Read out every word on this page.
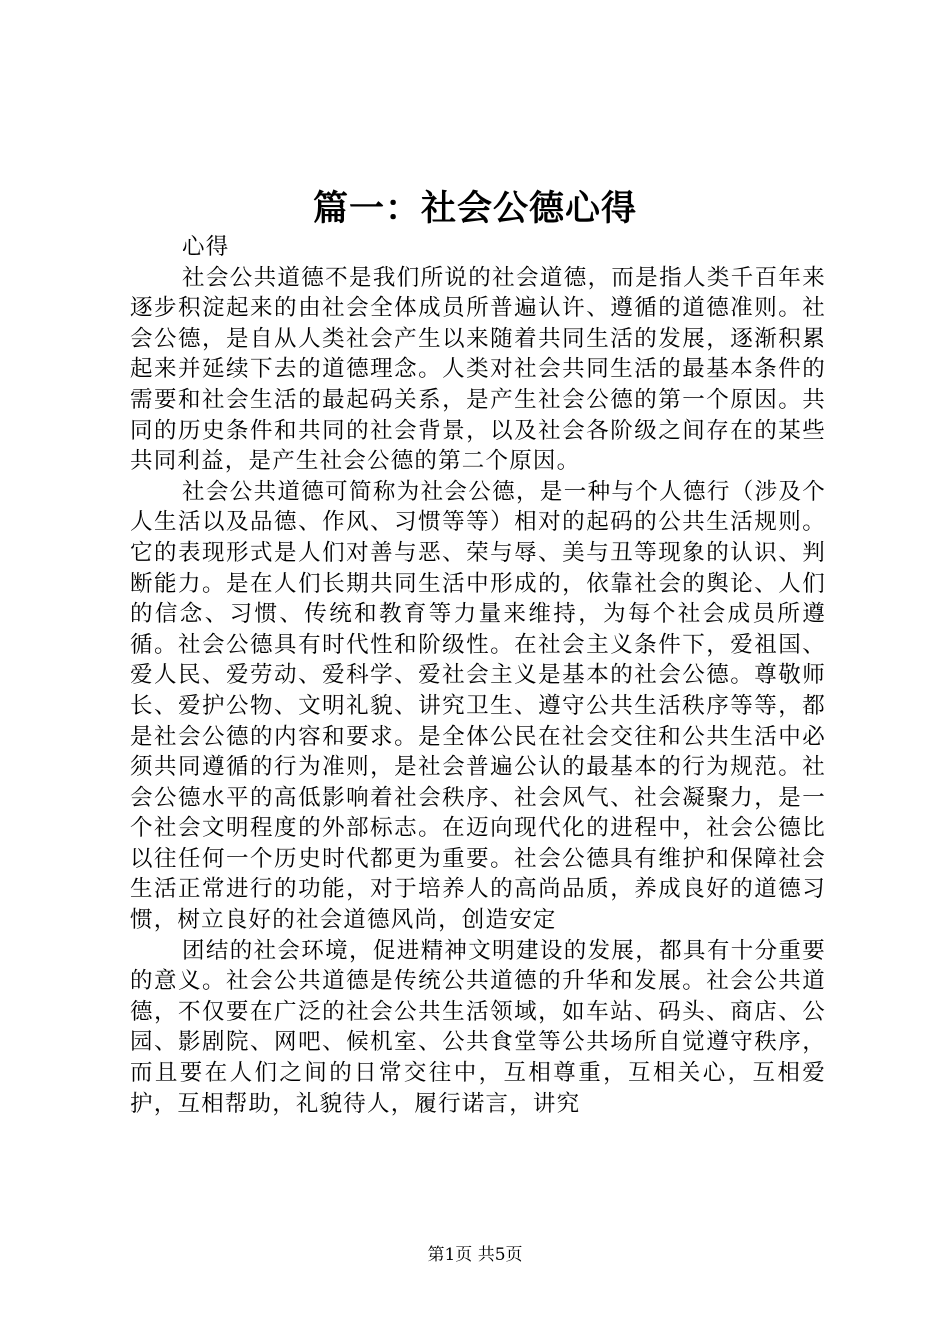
篇一：社会公德心得

心得

社会公共道德不是我们所说的社会道德，而是指人类千百年来逐步积淀起来的由社会全体成员所普遍认许、遵循的道德准则。社会公德，是自从人类社会产生以来随着共同生活的发展，逐渐积累起来并延续下去的道德理念。人类对社会共同生活的最基本条件的需要和社会生活的最起码关系，是产生社会公德的第一个原因。共同的历史条件和共同的社会背景，以及社会各阶级之间存在的某些共同利益，是产生社会公德的第二个原因。

社会公共道德可简称为社会公德，是一种与个人德行（涉及个人生活以及品德、作风、习惯等等）相对的起码的公共生活规则。它的表现形式是人们对善与恶、荣与辱、美与丑等现象的认识、判断能力。是在人们长期共同生活中形成的，依靠社会的舆论、人们的信念、习惯、传统和教育等力量来维持，为每个社会成员所遵循。社会公德具有时代性和阶级性。在社会主义条件下，爱祖国、爱人民、爱劳动、爱科学、爱社会主义是基本的社会公德。尊敬师长、爱护公物、文明礼貌、讲究卫生、遵守公共生活秩序等等，都是社会公德的内容和要求。是全体公民在社会交往和公共生活中必须共同遵循的行为准则，是社会普遍公认的最基本的行为规范。社会公德水平的高低影响着社会秩序、社会风气、社会凝聚力，是一个社会文明程度的外部标志。在迈向现代化的进程中，社会公德比以往任何一个历史时代都更为重要。社会公德具有维护和保障社会生活正常进行的功能，对于培养人的高尚品质，养成良好的道德习惯，树立良好的社会道德风尚，创造安定

团结的社会环境，促进精神文明建设的发展，都具有十分重要的意义。社会公共道德是传统公共道德的升华和发展。社会公共道德，不仅要在广泛的社会公共生活领域，如车站、码头、商店、公园、影剧院、网吧、候机室、公共食堂等公共场所自觉遵守秩序，而且要在人们之间的日常交往中，互相尊重，互相关心，互相爱护，互相帮助，礼貌待人，履行诺言，讲究

第1页 共5页
